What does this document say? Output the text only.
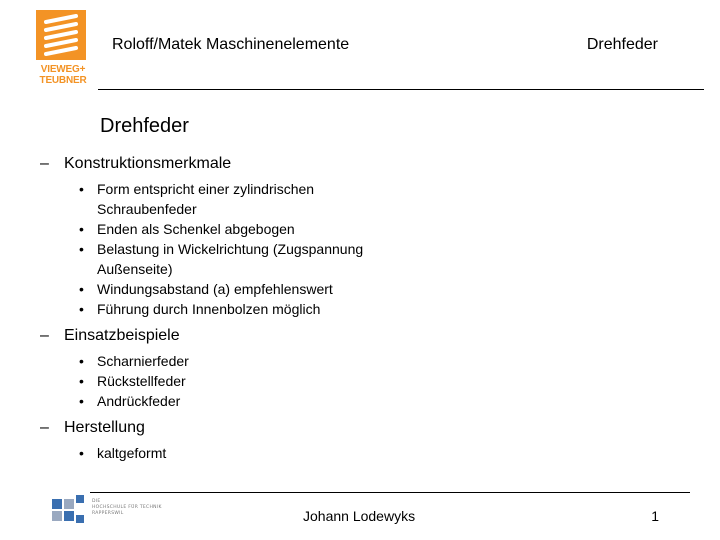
VIEWEG+
TEUBNER
Roloff/Matek Maschinenelemente	Drehfeder
Drehfeder
– Konstruktionsmerkmale
• Form entspricht einer zylindrischen Schraubenfeder
• Enden als Schenkel abgebogen
• Belastung in Wickelrichtung (Zugspannung Außenseite)
• Windungsabstand (a) empfehlenswert
• Führung durch Innenbolzen möglich
– Einsatzbeispiele
• Scharnierfeder
• Rückstellfeder
• Andrückfeder
– Herstellung
• kaltgeformt
DIE
HOCHSCHULE FÜR TECHNIK
RAPPERSWIL	Johann Lodewyks	1
